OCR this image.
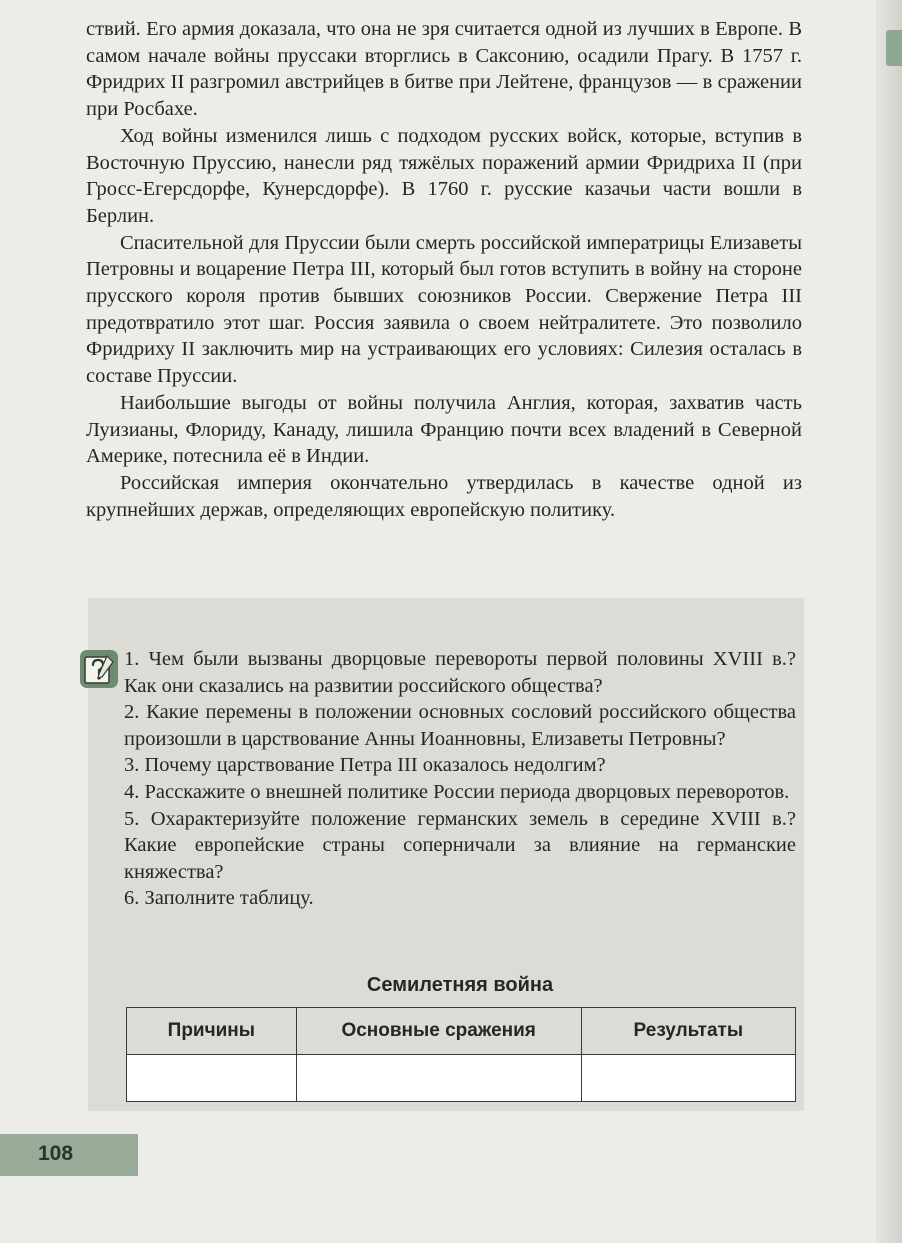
ствий. Его армия доказала, что она не зря считается одной из лучших в Европе. В самом начале войны пруссаки вторглись в Саксонию, осадили Прагу. В 1757 г. Фридрих II разгромил австрийцев в битве при Лейтене, французов — в сражении при Росбахе.

Ход войны изменился лишь с подходом русских войск, которые, вступив в Восточную Пруссию, нанесли ряд тяжёлых поражений армии Фридриха II (при Гросс-Егерсдорфе, Кунерсдорфе). В 1760 г. русские казачьи части вошли в Берлин.

Спасительной для Пруссии были смерть российской императрицы Елизаветы Петровны и воцарение Петра III, который был готов вступить в войну на стороне прусского короля против бывших союзников России. Свержение Петра III предотвратило этот шаг. Россия заявила о своем нейтралитете. Это позволило Фридриху II заключить мир на устраивающих его условиях: Силезия осталась в составе Пруссии.

Наибольшие выгоды от войны получила Англия, которая, захватив часть Луизианы, Флориду, Канаду, лишила Францию почти всех владений в Северной Америке, потеснила её в Индии.

Российская империя окончательно утвердилась в качестве одной из крупнейших держав, определяющих европейскую политику.

1. Чем были вызваны дворцовые перевороты первой половины XVIII в.? Как они сказались на развитии российского общества?

2. Какие перемены в положении основных сословий российского общества произошли в царствование Анны Иоанновны, Елизаветы Петровны?

3. Почему царствование Петра III оказалось недолгим?

4. Расскажите о внешней политике России периода дворцовых переворотов.

5. Охарактеризуйте положение германских земель в середине XVIII в.? Какие европейские страны соперничали за влияние на германские княжества?

6. Заполните таблицу.

Семилетняя война
Причины	Основные сражения	Результаты

108
